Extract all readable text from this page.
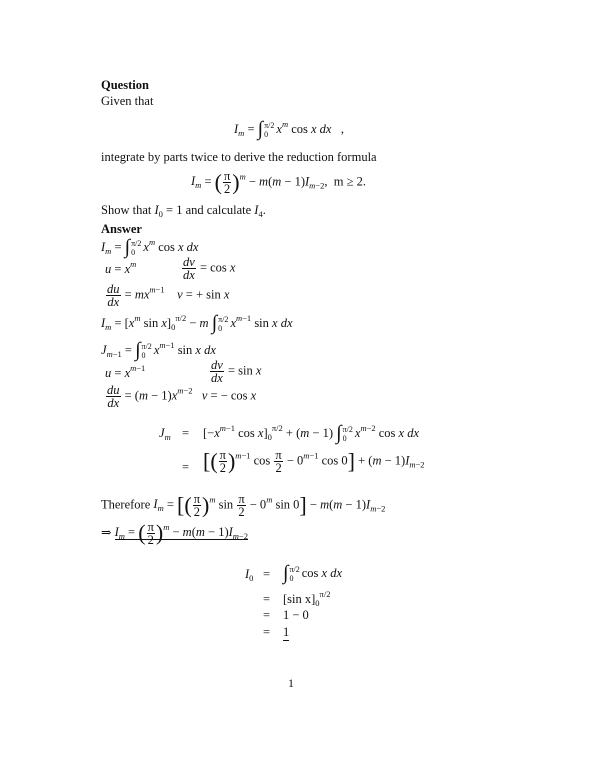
Question
Given that
$I_m$ = ∫ π/2
0 $x^m$ cos x dx   ,
integrate by parts twice to derive the reduction formula
$I_m$ = ( $\frac{\pi}{2} )^m - m(m - 1)I_{m-2}$,  m ≥ 2.
Show that $I_0 = 1$ and calculate $I_4$.
Answer
$I_m$ = ∫ π/2
0 $x^m$ cos x dx
$u = x^m$	$\frac{dv}{dx} = \cos x$
$\frac{du}{dx} = mx^{m-1}$ v = + sin x
$I_m = [x^m$ $\sin x]_0^{\pi/2} - m$ ∫ π/2
0 $x^{m-1}$ sin x dx
$J_{m-1}$ = ∫ π/2
0 $x^{m-1}$ sin x dx
$u = x^{m-1}$	$\frac{dv}{dx} = \sin x$
$\frac{du}{dx} = (m - 1)x^{m-2}$ v = − cos x
$J_m = [-x^{m-1}$ $\cos x]_0^{\pi/2} + (m - 1)$ ∫ π/2
0 $x^{m-2}$ cos x dx
= [( $\frac{\pi}{2} )^{m-1}$ $\cos \frac{\pi}{2} - 0^{m-1}$ $\cos 0] + (m - 1)I_{m-2}$
Therefore $I_m$ = [( $\frac{\pi}{2} )^m$ $\sin \frac{\pi}{2} - 0^m$ $\sin 0] - m(m - 1)I_{m-2}$
⇒ $I_m$ = ( $\frac{\pi}{2} )^m - m(m - 1)I_{m-2}$
$I_0$ = ∫ π/2
0 cos x dx
= [sin $x]_0^{\pi/2}$
= 1 − 0
= 1
1
